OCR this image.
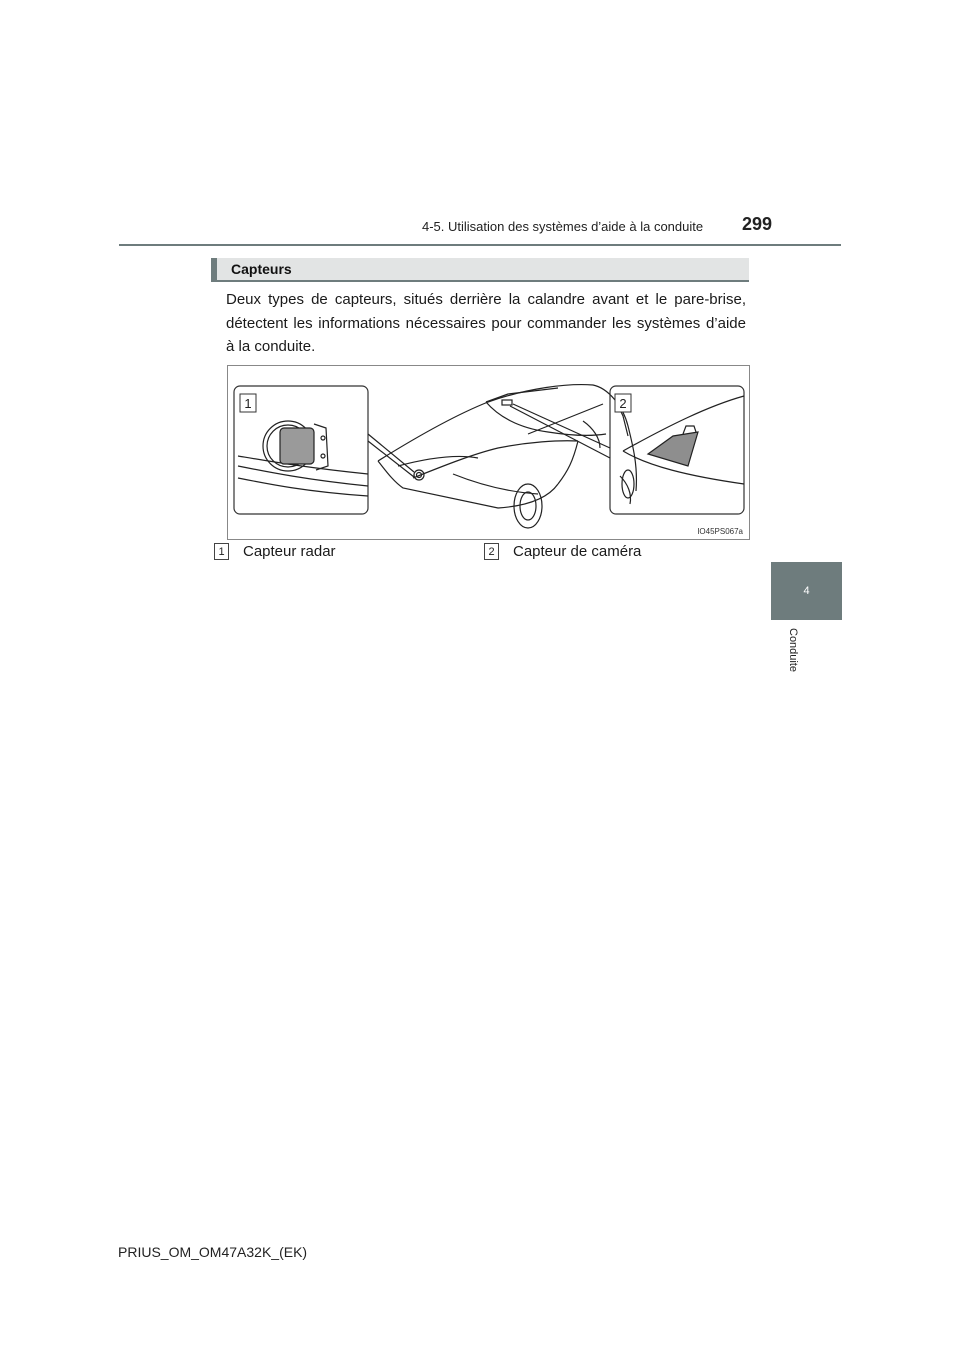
4-5. Utilisation des systèmes d’aide à la conduite 299
4
Conduite
Capteurs
Deux types de capteurs, situés derrière la calandre avant et le pare-brise, détectent les informations nécessaires pour commander les systèmes d’aide à la conduite.
1	2
IO45PS067a
1 Capteur radar	2 Capteur de caméra
PRIUS_OM_OM47A32K_(EK)
